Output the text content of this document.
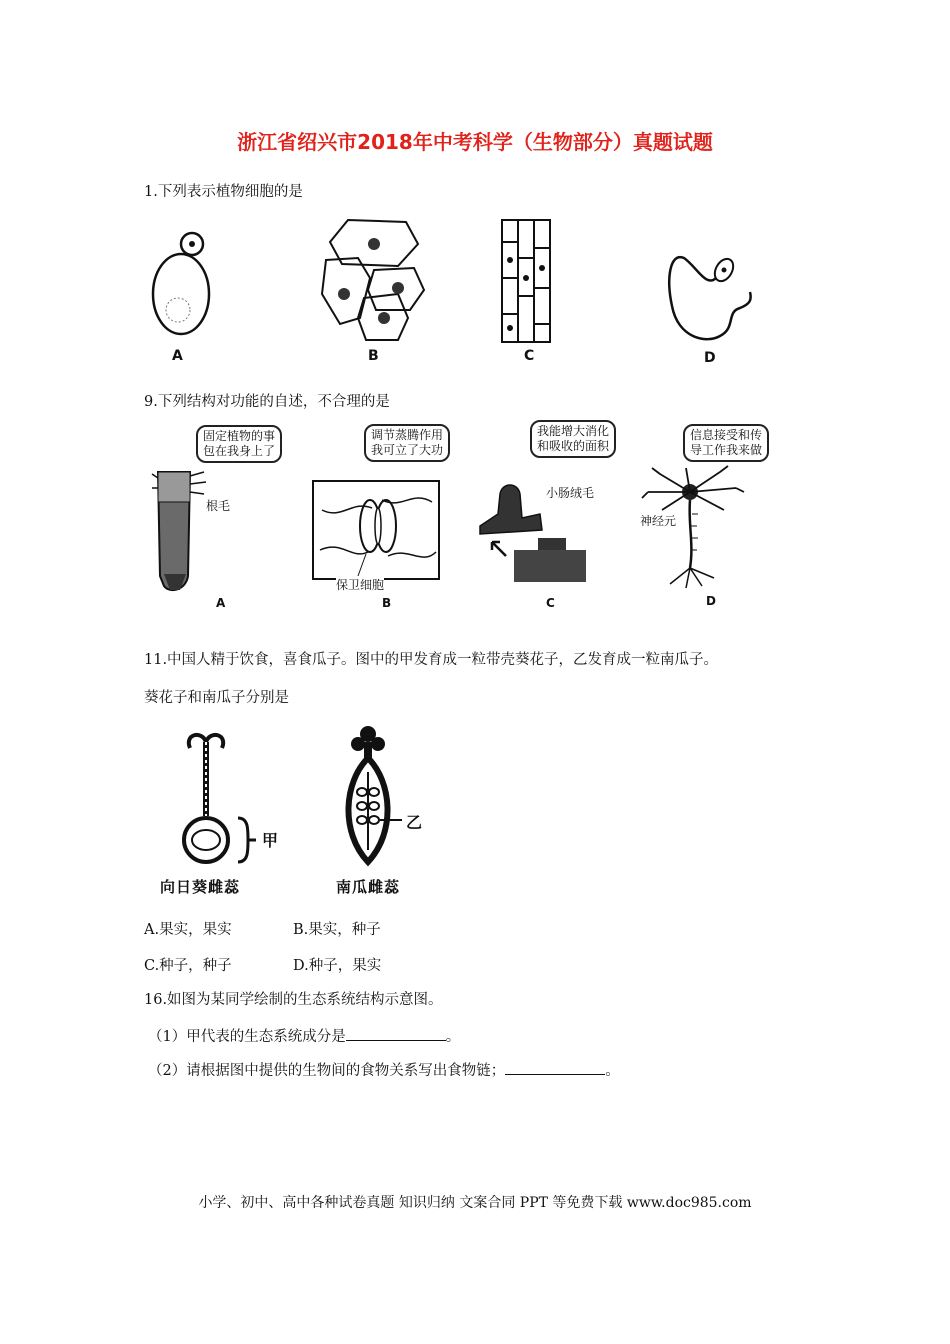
浙江省绍兴市2018年中考科学（生物部分）真题试题
1.下列表示植物细胞的是
A	B	C	D
9.下列结构对功能的自述，不合理的是
固定植物的事
包在我身上了
根毛
A
调节蒸腾作用
我可立了大功
保卫细胞
B
我能增大消化
和吸收的面积
小肠绒毛
C
信息接受和传
导工作我来做
神经元
D
11.中国人精于饮食，喜食瓜子。图中的甲发育成一粒带壳葵花子，乙发育成一粒南瓜子。
葵花子和南瓜子分别是
甲
乙
向日葵雌蕊	南瓜雌蕊
A.果实，果实	B.果实，种子
C.种子，种子	D.种子，果实
16.如图为某同学绘制的生态系统结构示意图。
（1）甲代表的生态系统成分是	。
（2）请根据图中提供的生物间的食物关系写出食物链；	。
小学、初中、高中各种试卷真题 知识归纳 文案合同 PPT 等免费下载 www.doc985.com
